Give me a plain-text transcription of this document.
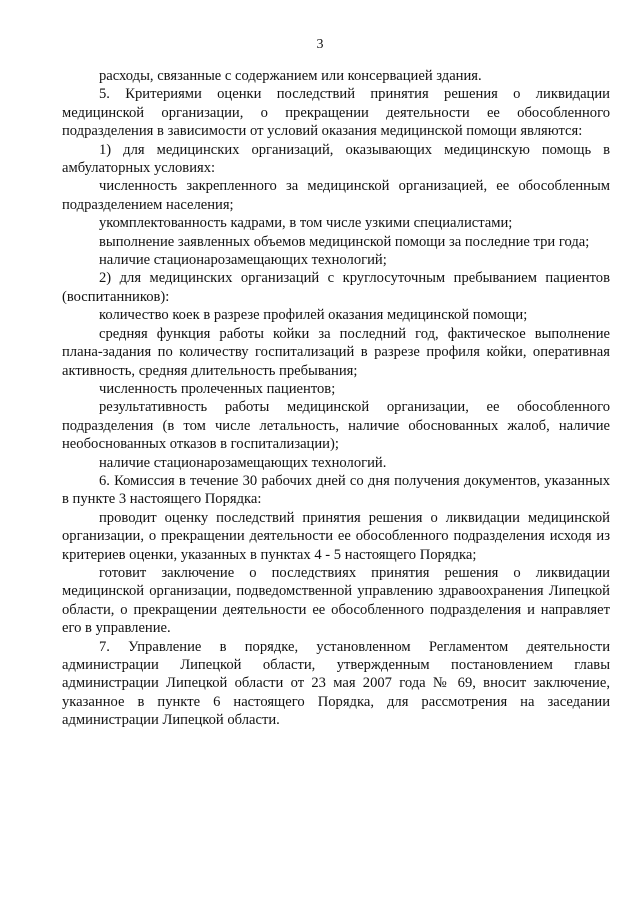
3

расходы, связанные с содержанием или консервацией здания.

5. Критериями оценки последствий принятия решения о ликвидации медицинской организации, о прекращении деятельности ее обособленного подразделения в зависимости от условий оказания медицинской помощи являются:

1) для медицинских организаций, оказывающих медицинскую помощь в амбулаторных условиях:

численность закрепленного за медицинской организацией, ее обособленным подразделением населения;

укомплектованность кадрами, в том числе узкими специалистами;

выполнение заявленных объемов медицинской помощи за последние три года;

наличие стационарозамещающих технологий;

2) для медицинских организаций с круглосуточным пребыванием пациентов (воспитанников):

количество коек в разрезе профилей оказания медицинской помощи;

средняя функция работы койки за последний год, фактическое выполнение плана-задания по количеству госпитализаций в разрезе профиля койки, оперативная активность, средняя длительность пребывания;

численность пролеченных пациентов;

результативность работы медицинской организации, ее обособленного подразделения (в том числе летальность, наличие обоснованных жалоб, наличие необоснованных отказов в госпитализации);

наличие стационарозамещающих технологий.

6. Комиссия в течение 30 рабочих дней со дня получения документов, указанных в пункте 3 настоящего Порядка:

проводит оценку последствий принятия решения о ликвидации медицинской организации, о прекращении деятельности ее обособленного подразделения исходя из критериев оценки, указанных в пунктах 4 - 5 настоящего Порядка;

готовит заключение о последствиях принятия решения о ликвидации медицинской организации, подведомственной управлению здравоохранения Липецкой области, о прекращении деятельности ее обособленного подразделения и направляет его в управление.

7. Управление в порядке, установленном Регламентом деятельности администрации Липецкой области, утвержденным постановлением главы администрации Липецкой области от 23 мая 2007 года № 69, вносит заключение, указанное в пункте 6 настоящего Порядка, для рассмотрения на заседании администрации Липецкой области.
